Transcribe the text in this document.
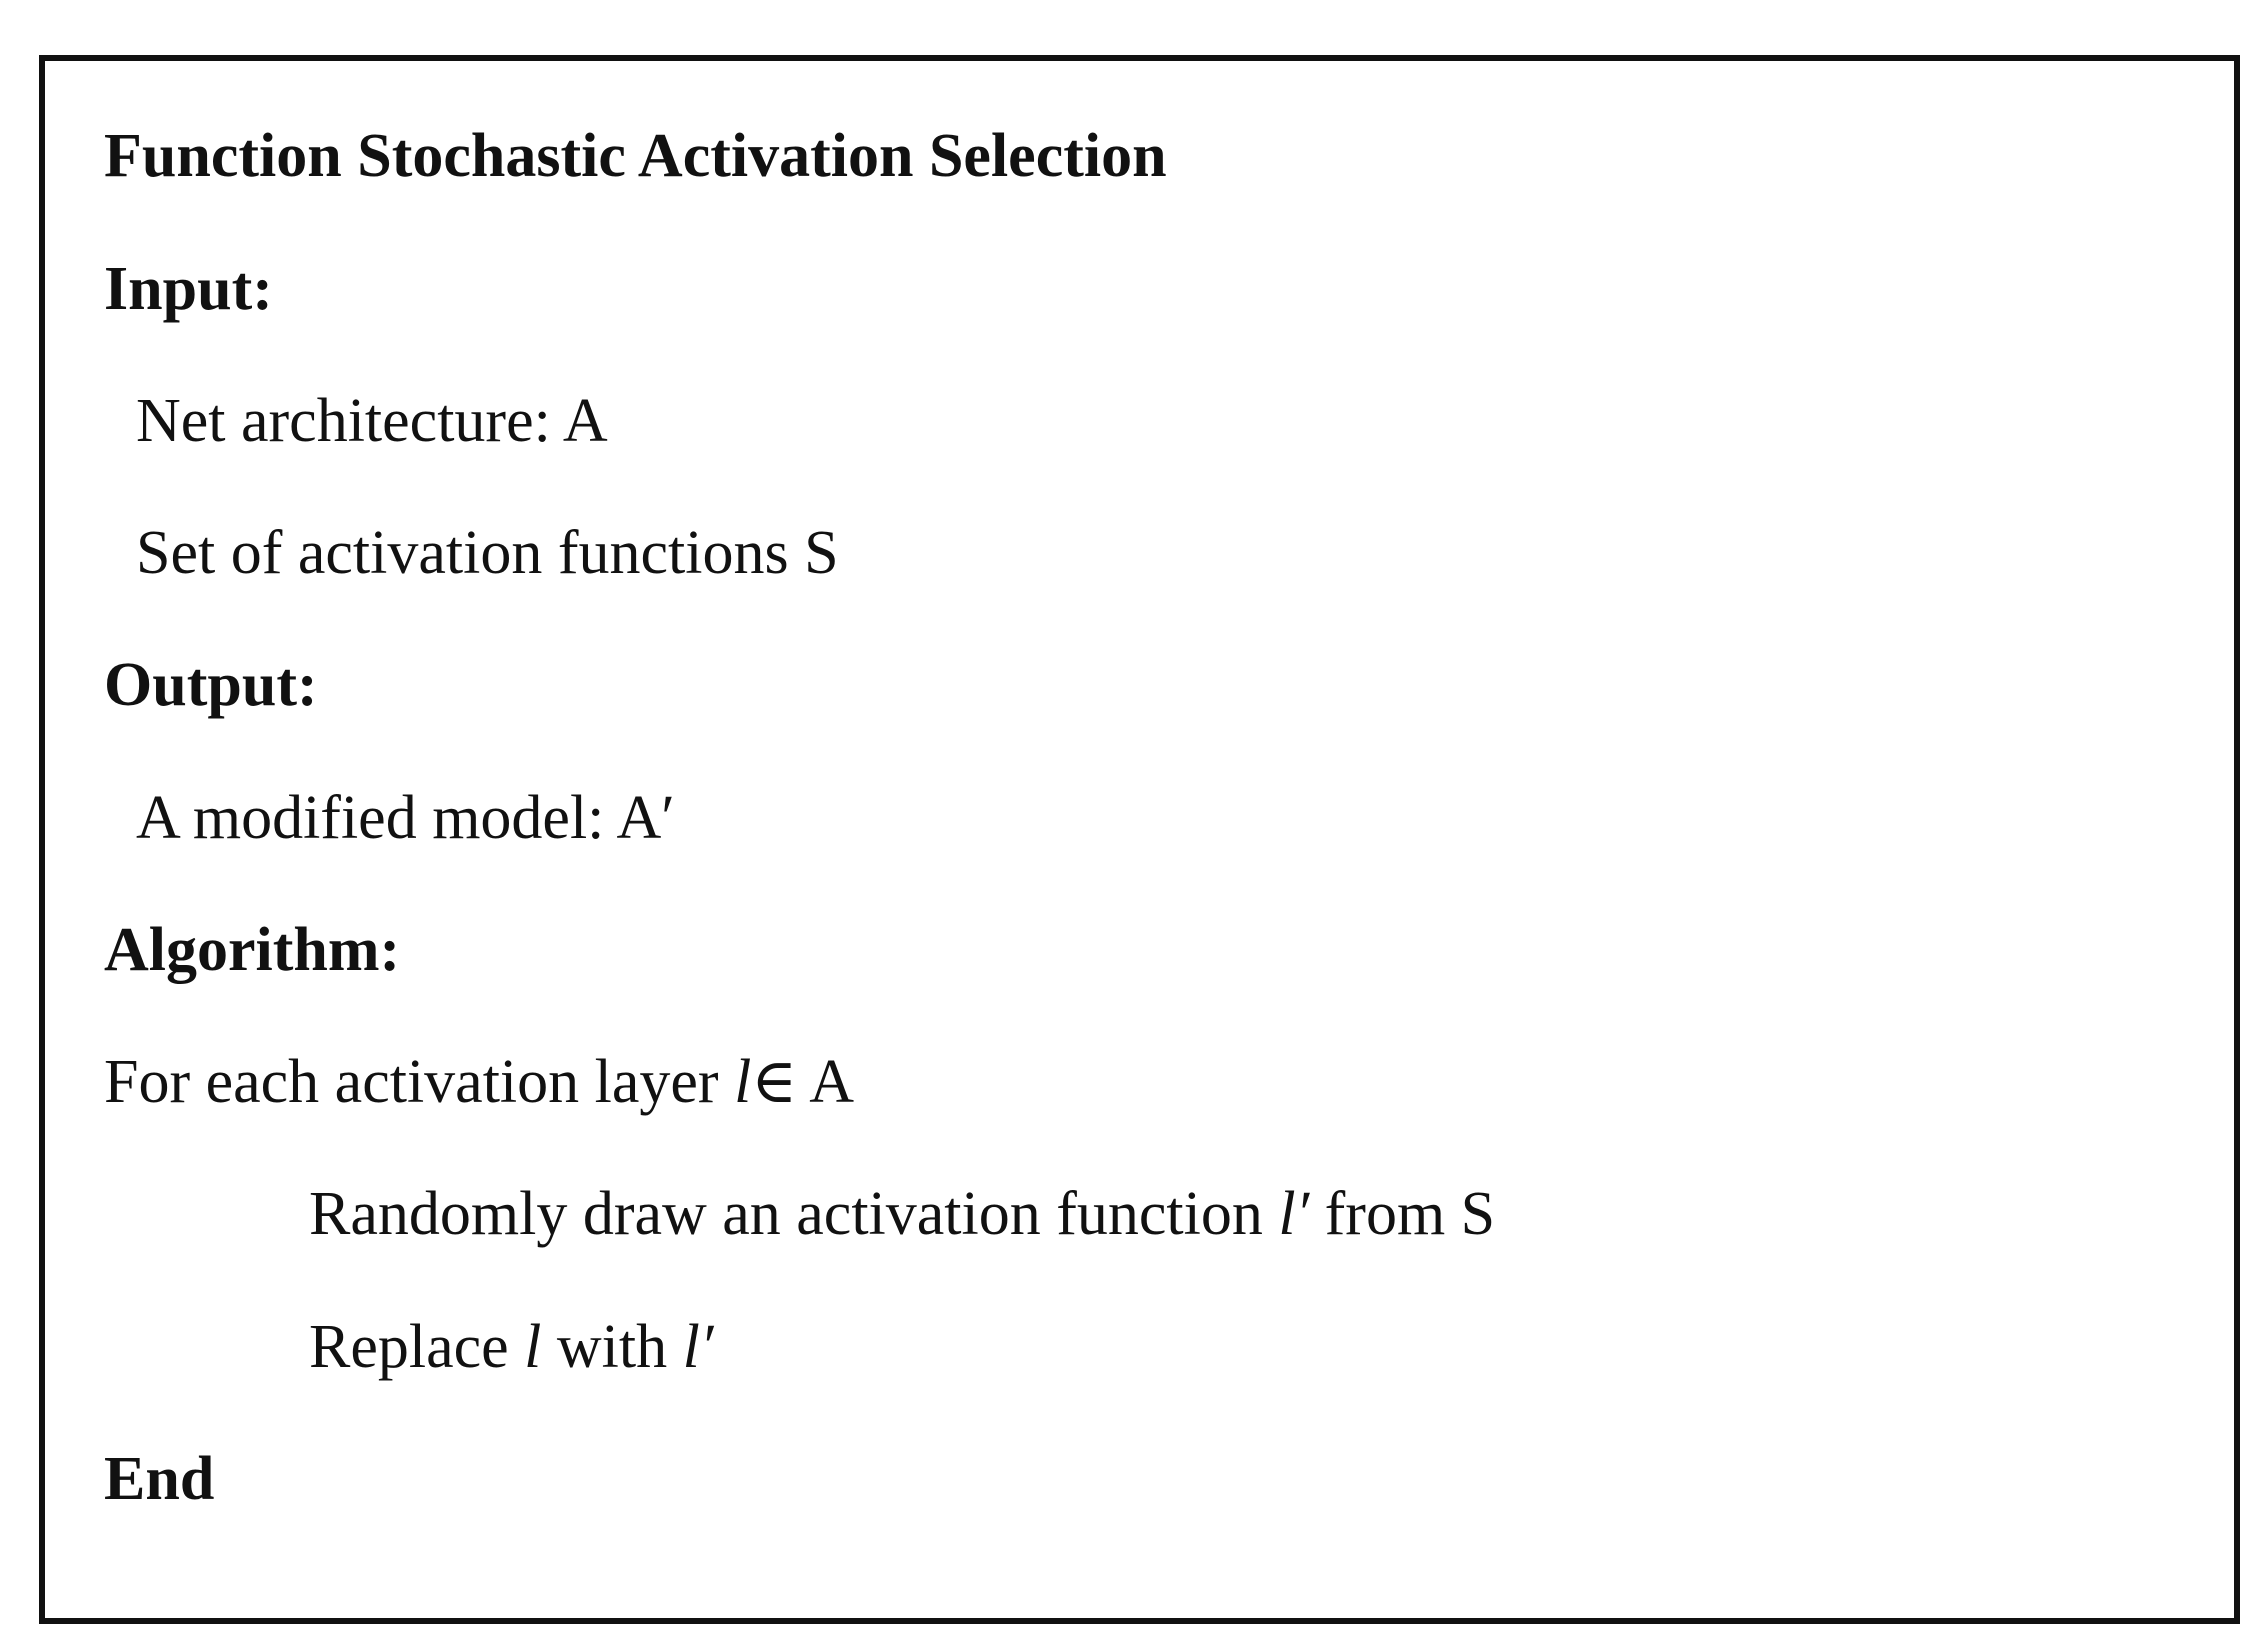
Function Stochastic Activation Selection
Input:
Net architecture: A
Set of activation functions S
Output:
A modified model: A′
Algorithm:
For each activation layer l∈ A
Randomly draw an activation function l′ from S
Replace l with l′
End
